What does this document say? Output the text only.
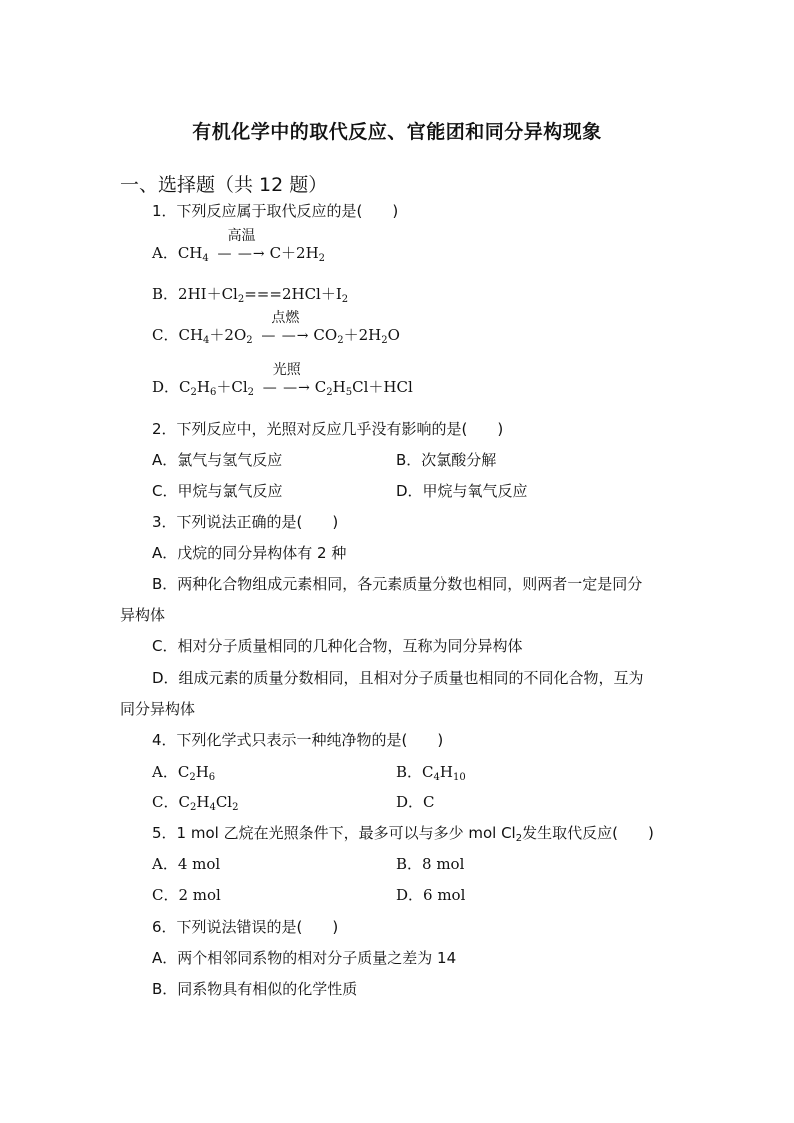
有机化学中的取代反应、官能团和同分异构现象
一、选择题（共 12 题）
1．下列反应属于取代反应的是(　　)
A．$CH_4$
高温
— —→ $C+2H_2$
B．$2HI+Cl_2===2HCl+I_2$
C．$CH_4+2O_2$
点燃
— —→ $CO_2+2H_2O$
D．$C_2H_6+Cl_2$
光照
— —→ $C_2H_5Cl+HCl$
2．下列反应中，光照对反应几乎没有影响的是(　　)
A．氯气与氢气反应	B．次氯酸分解
C．甲烷与氯气反应	D．甲烷与氧气反应
3．下列说法正确的是(　　)
A．戊烷的同分异构体有 2 种
B．两种化合物组成元素相同，各元素质量分数也相同，则两者一定是同分
异构体
C．相对分子质量相同的几种化合物，互称为同分异构体
D．组成元素的质量分数相同，且相对分子质量也相同的不同化合物，互为
同分异构体
4．下列化学式只表示一种纯净物的是(　　)
A．$C_2H_6$	B．$C_4H_{10}$
C．$C_2H_4Cl_2$	D．C
5．1 mol 乙烷在光照条件下，最多可以与多少 mol $Cl_2$发生取代反应(　　)
A．4 mol	B．8 mol
C．2 mol	D．6 mol
6．下列说法错误的是(　　)
A．两个相邻同系物的相对分子质量之差为 14
B．同系物具有相似的化学性质
